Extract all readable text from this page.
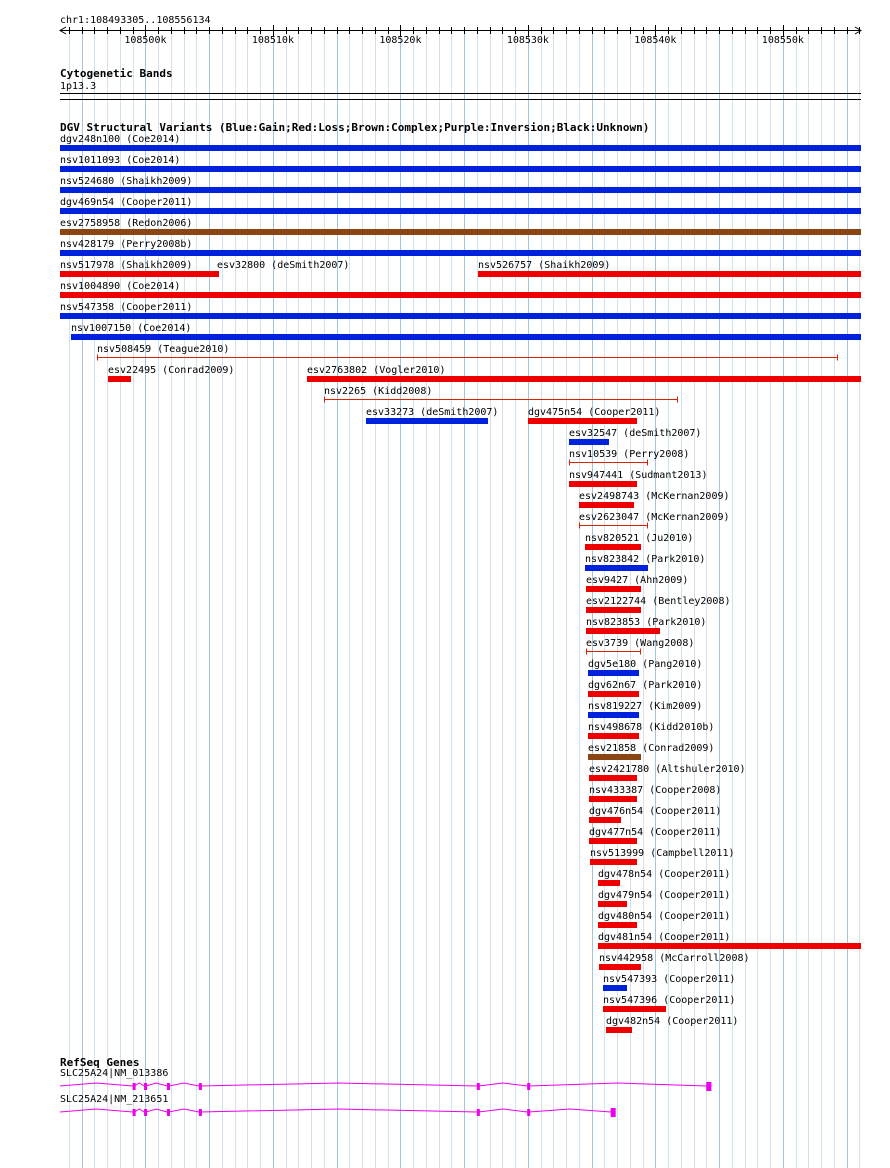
chr1:108493305..108556134
108500k	108510k	108520k	108530k	108540k	108550k
Cytogenetic Bands
1p13.3
DGV Structural Variants (Blue:Gain;Red:Loss;Brown:Complex;Purple:Inversion;Black:Unknown)
dgv248n100 (Coe2014)
nsv1011093 (Coe2014)
nsv524680 (Shaikh2009)
dgv469n54 (Cooper2011)
esv2758958 (Redon2006)
nsv428179 (Perry2008b)
nsv517978 (Shaikh2009) esv32800 (deSmith2007)	nsv526757 (Shaikh2009)
nsv1004890 (Coe2014)
nsv547358 (Cooper2011)
nsv1007150 (Coe2014)
nsv508459 (Teague2010)
esv22495 (Conrad2009)	esv2763802 (Vogler2010)
nsv2265 (Kidd2008)
esv33273 (deSmith2007)	dgv475n54 (Cooper2011)
esv32547 (deSmith2007)
nsv10539 (Perry2008)
nsv947441 (Sudmant2013)
esv2498743 (McKernan2009)
esv2623047 (McKernan2009)
nsv820521 (Ju2010)
nsv823842 (Park2010)
esv9427 (Ahn2009)
esv2122744 (Bentley2008)
nsv823853 (Park2010)
esv3739 (Wang2008)
dgv5e180 (Pang2010)
dgv62n67 (Park2010)
nsv819227 (Kim2009)
nsv498678 (Kidd2010b)
esv21858 (Conrad2009)
esv2421780 (Altshuler2010)
nsv433387 (Cooper2008)
dgv476n54 (Cooper2011)
dgv477n54 (Cooper2011)
nsv513999 (Campbell2011)
dgv478n54 (Cooper2011)
dgv479n54 (Cooper2011)
dgv480n54 (Cooper2011)
dgv481n54 (Cooper2011)
nsv442958 (McCarroll2008)
nsv547393 (Cooper2011)
nsv547396 (Cooper2011)
dgv482n54 (Cooper2011)
RefSeq Genes
SLC25A24|NM_013386
SLC25A24|NM_213651
